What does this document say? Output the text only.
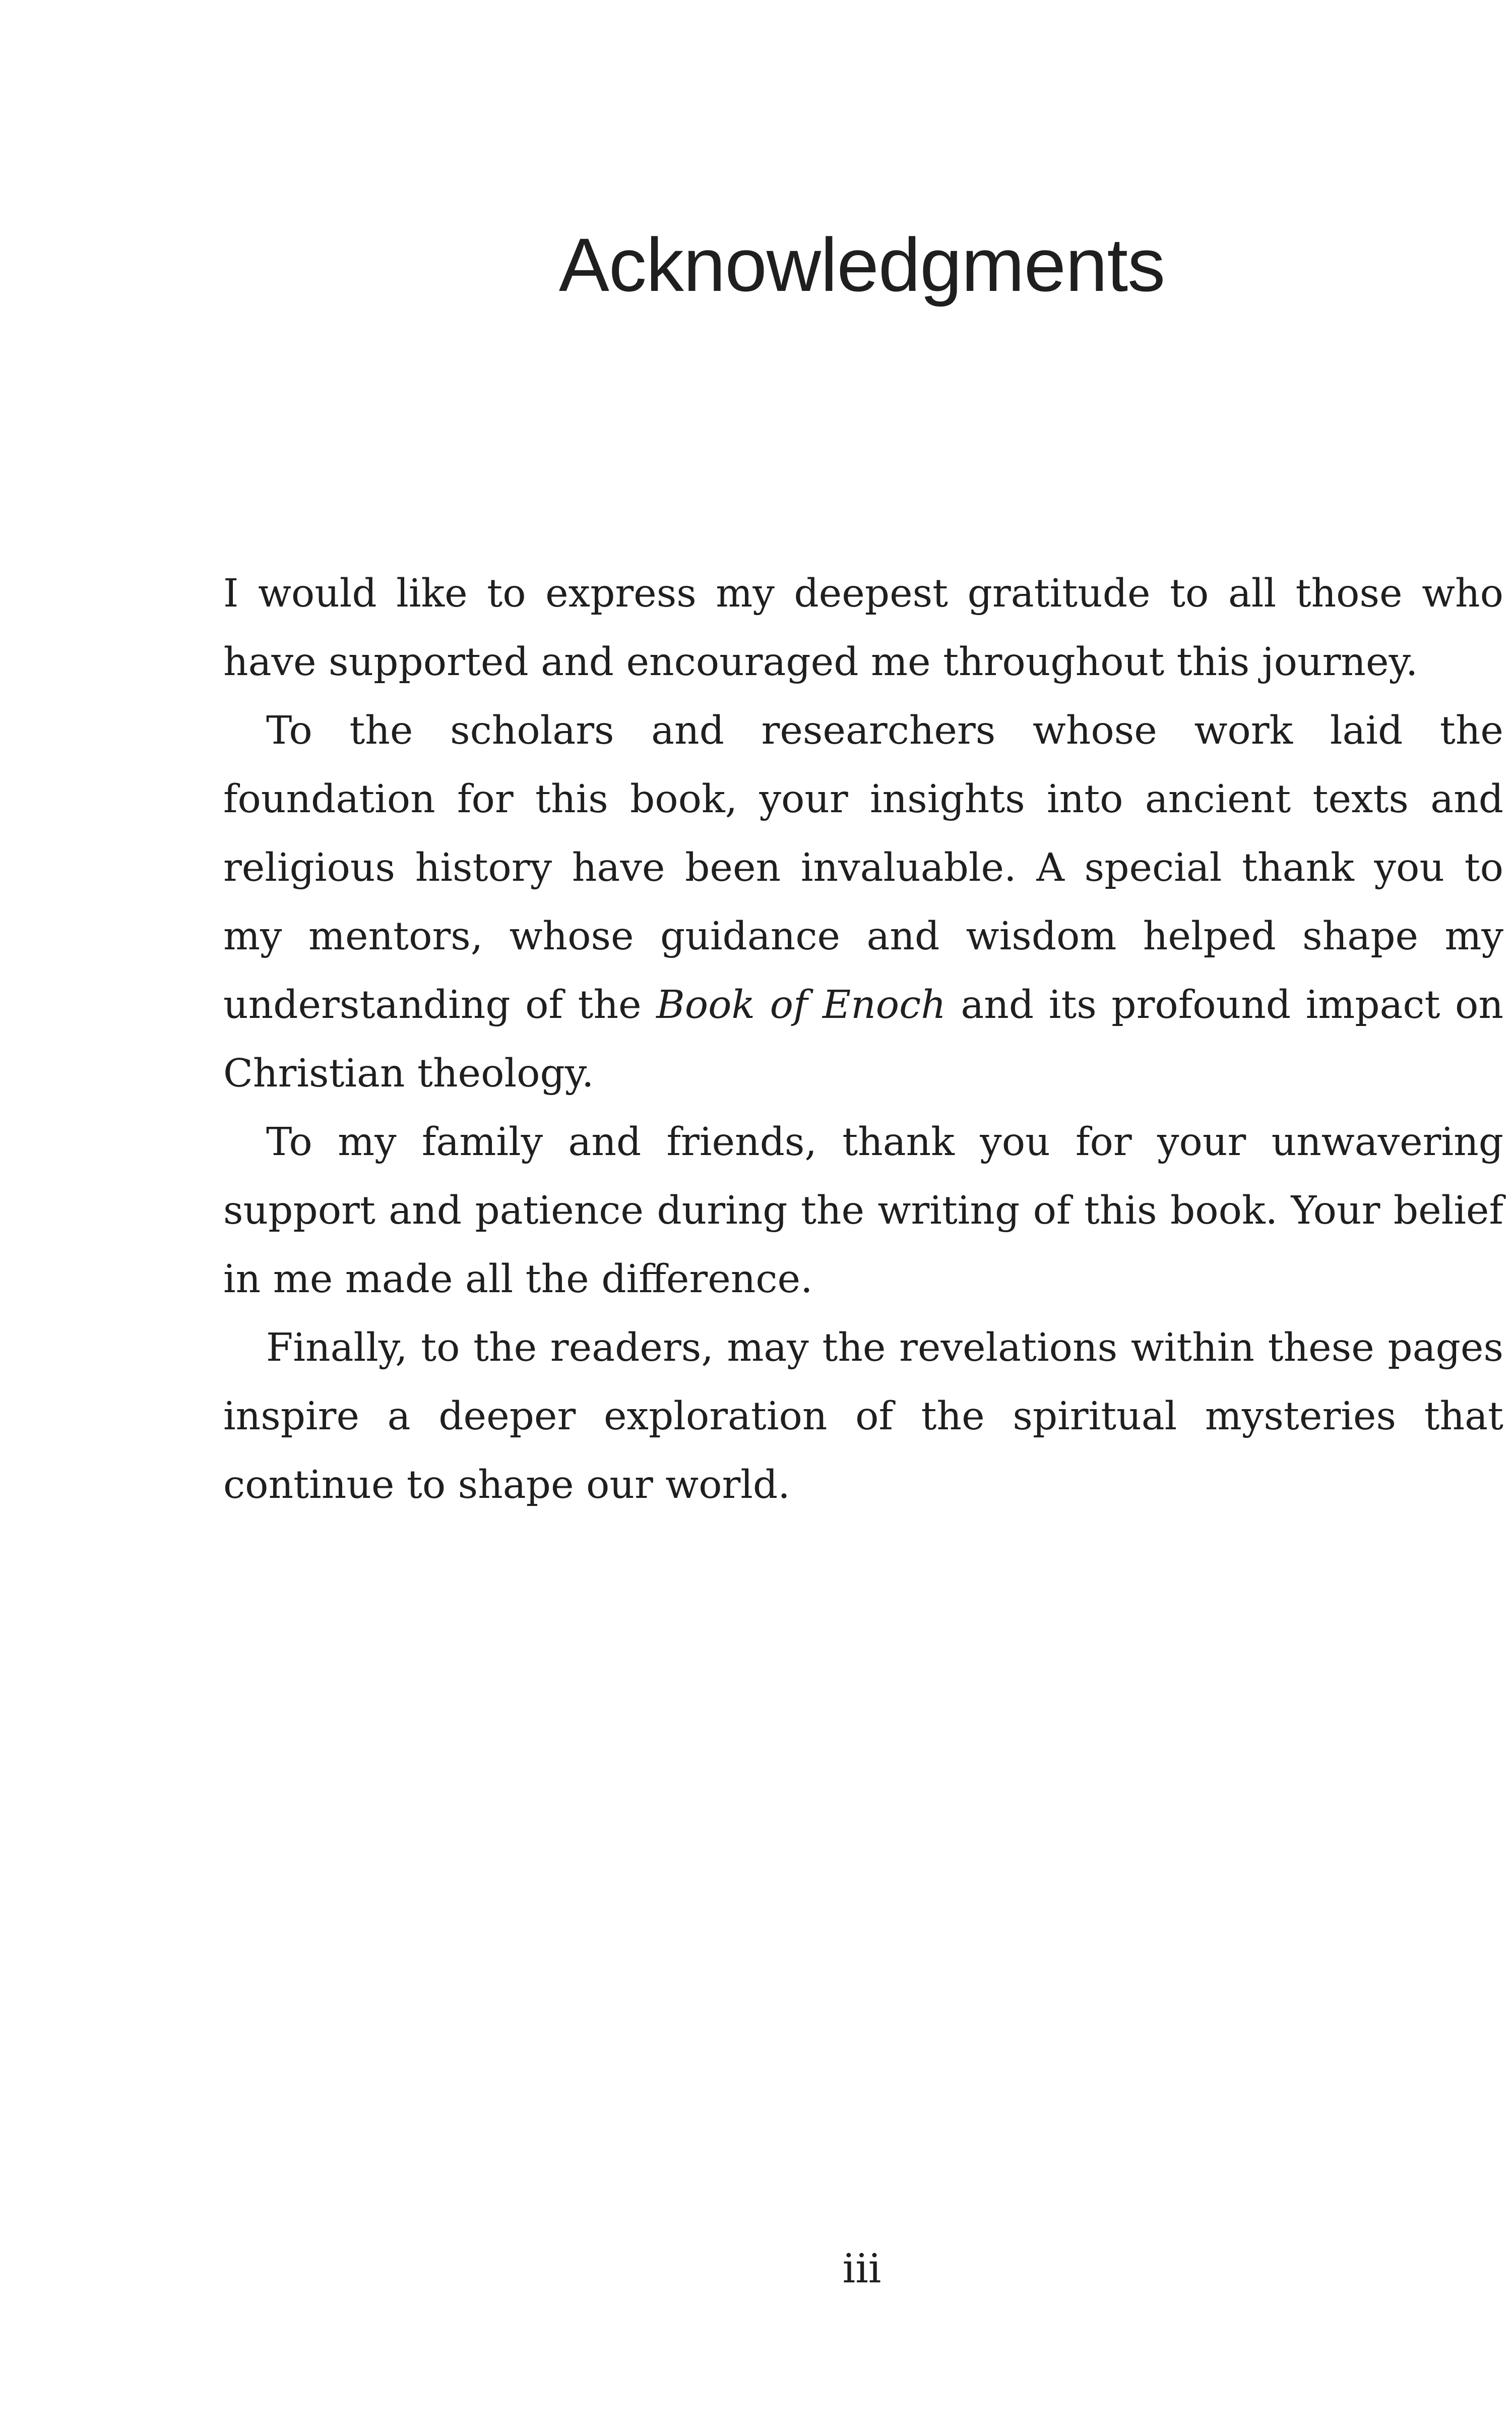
Acknowledgments

I would like to express my deepest gratitude to all those who have supported and encouraged me throughout this journey.

To the scholars and researchers whose work laid the foundation for this book, your insights into ancient texts and religious history have been invaluable. A special thank you to my mentors, whose guidance and wisdom helped shape my understanding of the Book of Enoch and its profound impact on Christian theology.

To my family and friends, thank you for your unwavering support and patience during the writing of this book. Your belief in me made all the difference.

Finally, to the readers, may the revelations within these pages inspire a deeper exploration of the spiritual mysteries that continue to shape our world.

iii
